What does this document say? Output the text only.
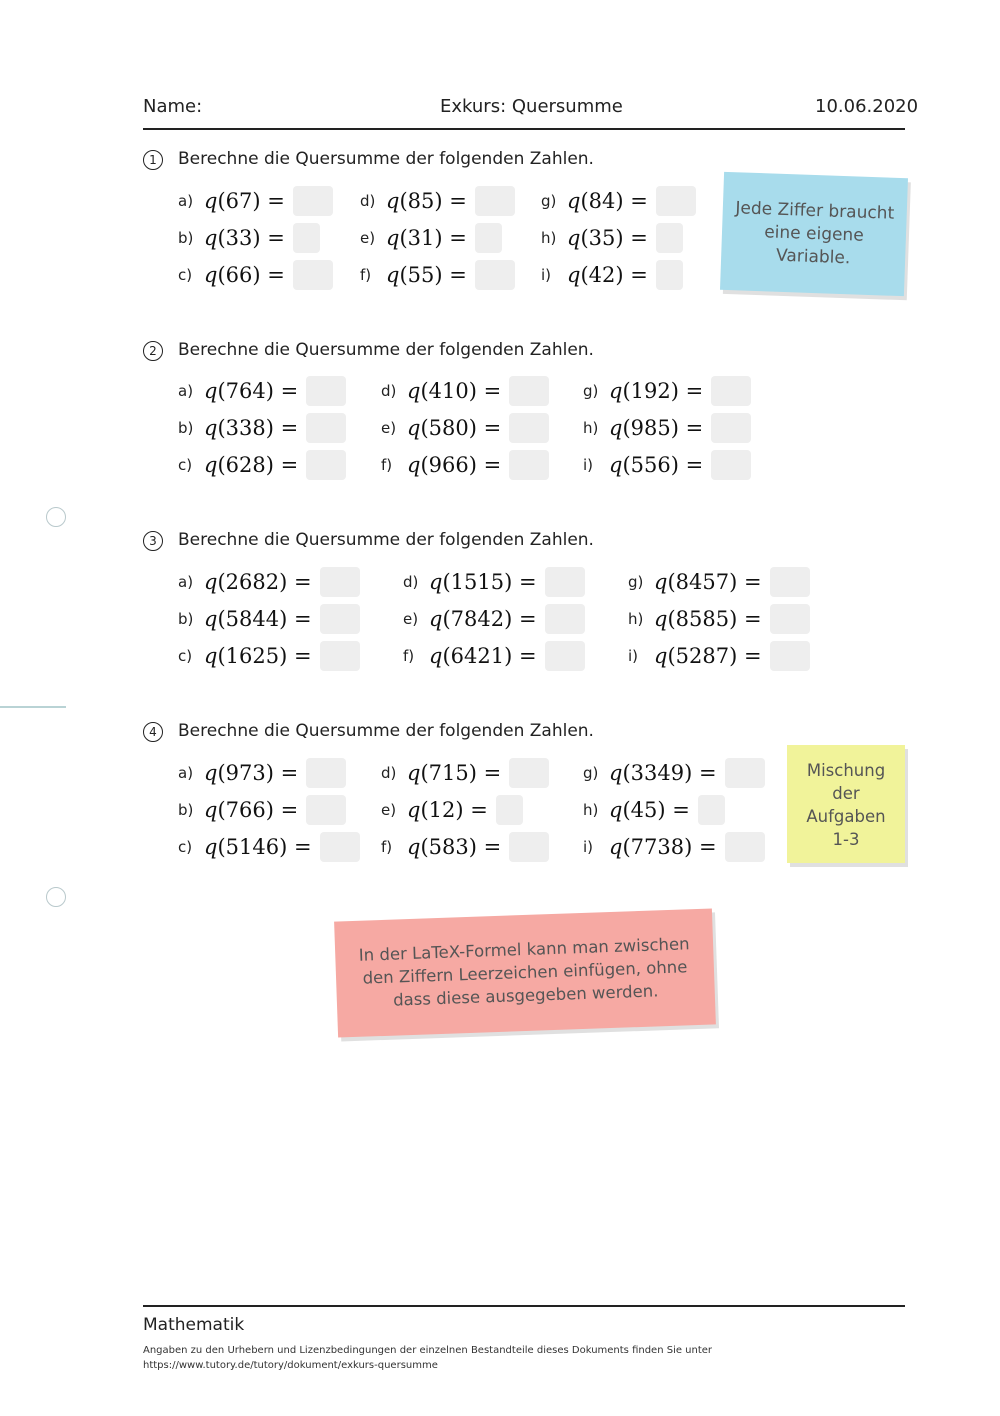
Name:	Exkurs: Quersumme	10.06.2020
1	Berechne die Quersumme der folgenden Zahlen.
a) q(67) =	d) q(85) =	g) q(84) =
b) q(33) =	e) q(31) =	h) q(35) =
c) q(66) =	f) q(55) =	i) q(42) =
2	Berechne die Quersumme der folgenden Zahlen.
a) q(764) =	d) q(410) =	g) q(192) =
b) q(338) =	e) q(580) =	h) q(985) =
c) q(628) =	f) q(966) =	i) q(556) =
3	Berechne die Quersumme der folgenden Zahlen.
a) q(2682) =	d) q(1515) =	g) q(8457) =
b) q(5844) =	e) q(7842) =	h) q(8585) =
c) q(1625) =	f) q(6421) =	i) q(5287) =
4	Berechne die Quersumme der folgenden Zahlen.
a) q(973) =	d) q(715) =	g) q(3349) =
b) q(766) =	e) q(12) =	h) q(45) =
c) q(5146) =	f) q(583) =	i) q(7738) =
Jede Ziffer braucht eine eigene Variable.
Mischung der Aufgaben 1-3
In der LaTeX-Formel kann man zwischen den Ziffern Leerzeichen einfügen, ohne dass diese ausgegeben werden.
Mathematik
Angaben zu den Urhebern und Lizenzbedingungen der einzelnen Bestandteile dieses Dokuments finden Sie unter
https://www.tutory.de/tutory/dokument/exkurs-quersumme
